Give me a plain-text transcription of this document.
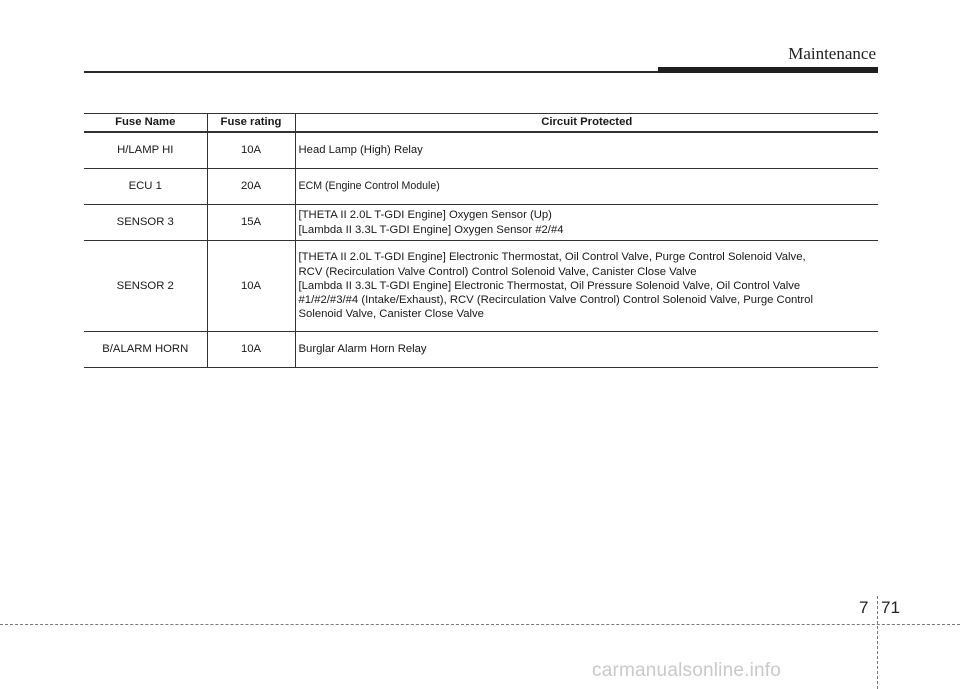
Maintenance
Fuse Name	Fuse rating	Circuit Protected
H/LAMP HI	10A	Head Lamp (High) Relay

ECU 1	20A	ECM (Engine Control Module)

SENSOR 3	15A	[THETA II 2.0L T-GDI Engine] Oxygen Sensor (Up)
[Lambda II 3.3L T-GDI Engine] Oxygen Sensor #2/#4

SENSOR 2	10A	[THETA II 2.0L T-GDI Engine] Electronic Thermostat, Oil Control Valve, Purge Control Solenoid Valve,
RCV (Recirculation Valve Control) Control Solenoid Valve, Canister Close Valve
[Lambda II 3.3L T-GDI Engine] Electronic Thermostat, Oil Pressure Solenoid Valve, Oil Control Valve
#1/#2/#3/#4 (Intake/Exhaust), RCV (Recirculation Valve Control) Control Solenoid Valve, Purge Control
Solenoid Valve, Canister Close Valve

B/ALARM HORN	10A	Burglar Alarm Horn Relay
7 71
carmanualsonline.info
